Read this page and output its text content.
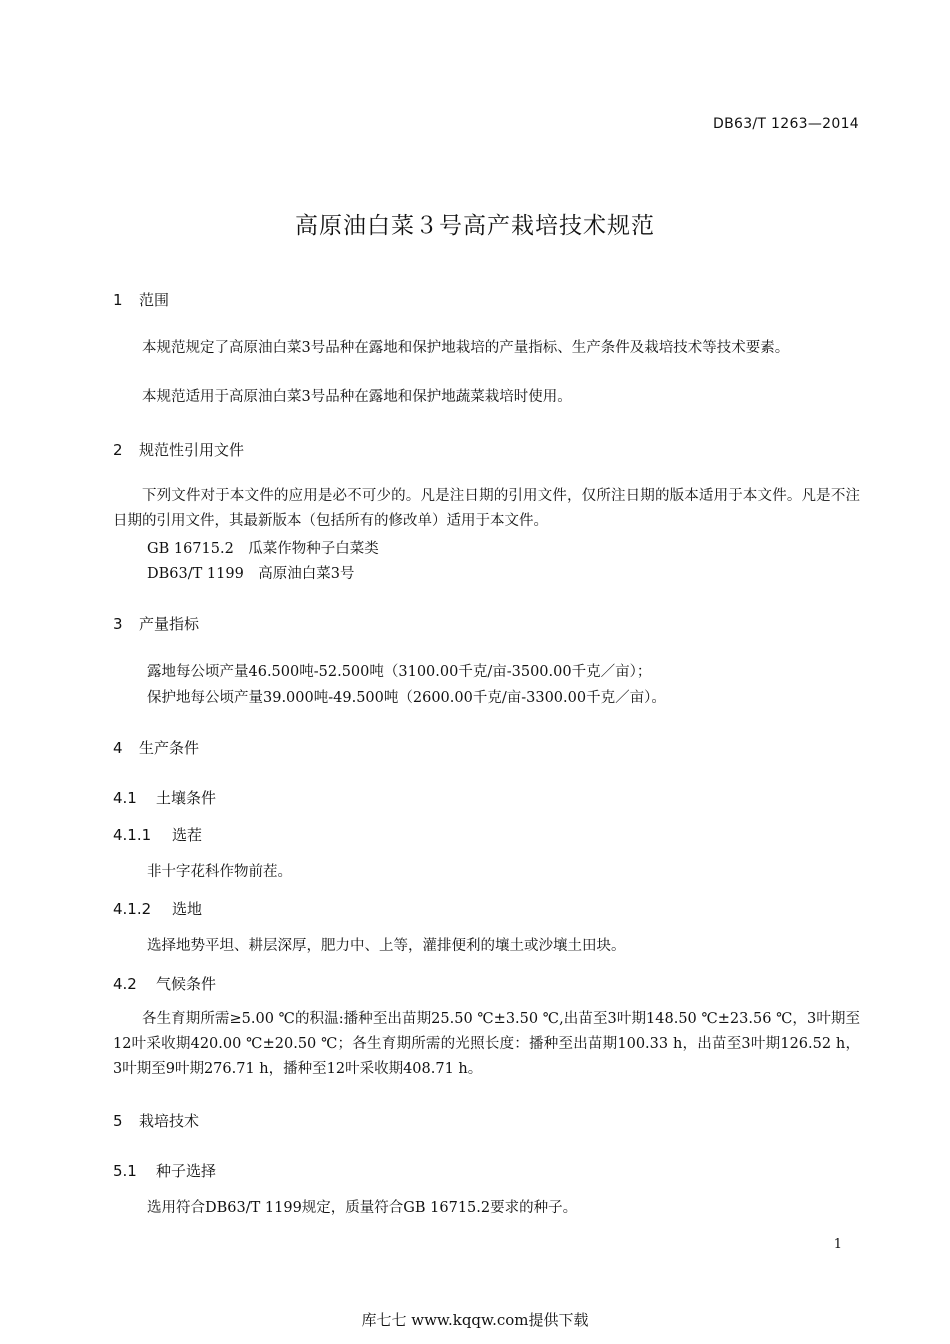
DB63/T 1263—2014
高原油白菜３号高产栽培技术规范
1 范围

本规范规定了高原油白菜3号品种在露地和保护地栽培的产量指标、生产条件及栽培技术等技术要素。

本规范适用于高原油白菜3号品种在露地和保护地蔬菜栽培时使用。

2 规范性引用文件

下列文件对于本文件的应用是必不可少的。凡是注日期的引用文件，仅所注日期的版本适用于本文件。凡是不注日期的引用文件，其最新版本（包括所有的修改单）适用于本文件。

GB 16715.2　瓜菜作物种子白菜类
DB63/T 1199　高原油白菜3号
3 产量指标
露地每公顷产量46.500吨-52.500吨（3100.00千克/亩-3500.00千克／亩）；
保护地每公顷产量39.000吨-49.500吨（2600.00千克/亩-3300.00千克／亩）。
4 生产条件
4.1 土壤条件
4.1.1 选茬
非十字花科作物前茬。
4.1.2 选地
选择地势平坦、耕层深厚，肥力中、上等，灌排便利的壤土或沙壤土田块。
4.2 气候条件

各生育期所需≥5.00 ℃的积温:播种至出苗期25.50 ℃±3.50 ℃,出苗至3叶期148.50 ℃±23.56 ℃，3叶期至12叶采收期420.00 ℃±20.50 ℃；各生育期所需的光照长度：播种至出苗期100.33 h，出苗至3叶期126.52 h，3叶期至9叶期276.71 h，播种至12叶采收期408.71 h。

5 栽培技术
5.1 种子选择
选用符合DB63/T 1199规定，质量符合GB 16715.2要求的种子。
1
库七七 www.kqqw.com提供下载
